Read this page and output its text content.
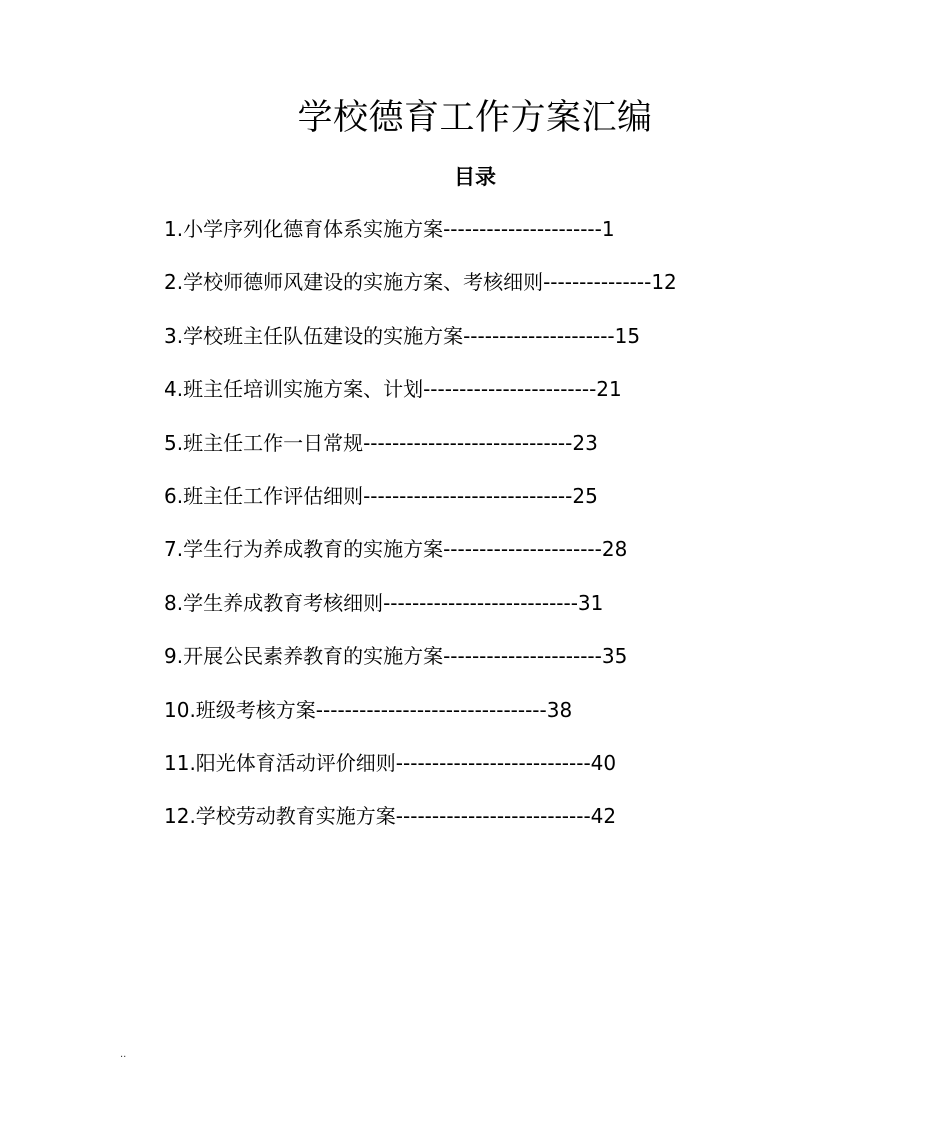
学校德育工作方案汇编
目录
1.小学序列化德育体系实施方案----------------------1
2.学校师德师风建设的实施方案、考核细则---------------12
3.学校班主任队伍建设的实施方案---------------------15
4.班主任培训实施方案、计划------------------------21
5.班主任工作一日常规-----------------------------23
6.班主任工作评估细则-----------------------------25
7.学生行为养成教育的实施方案----------------------28
8.学生养成教育考核细则---------------------------31
9.开展公民素养教育的实施方案----------------------35
10.班级考核方案--------------------------------38
11.阳光体育活动评价细则---------------------------40
12.学校劳动教育实施方案---------------------------42
..
